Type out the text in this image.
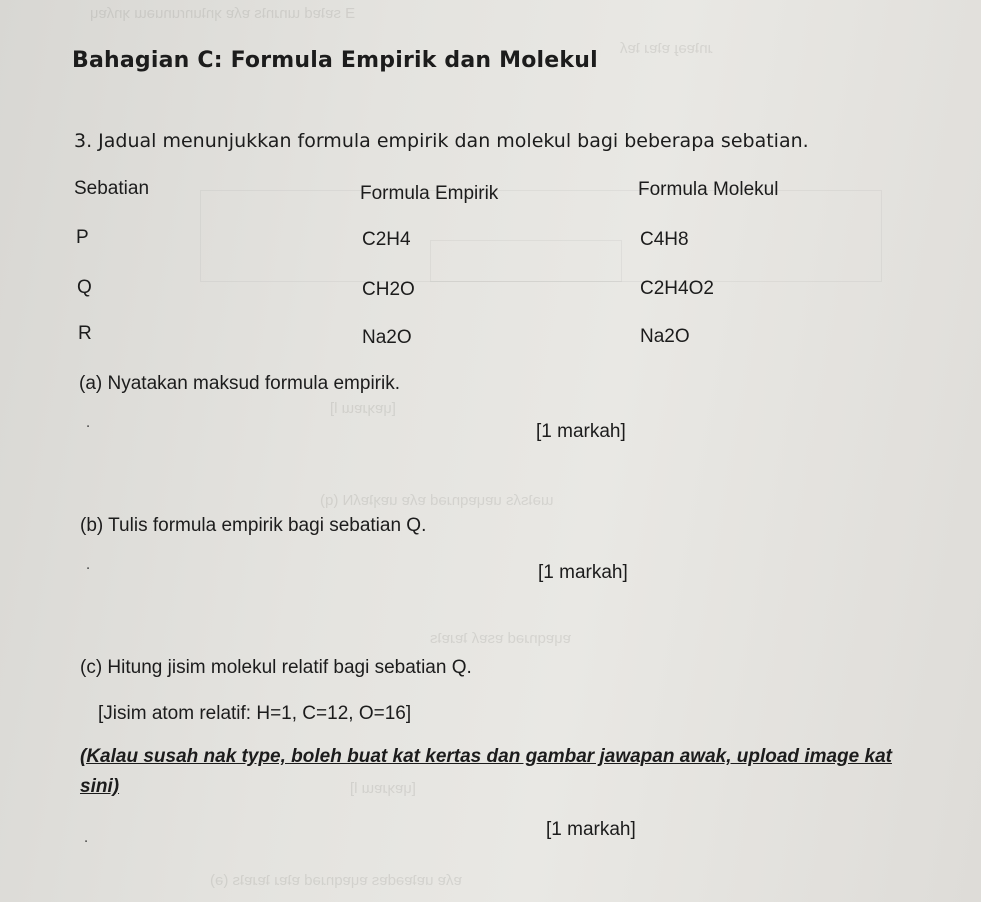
Ǝ sɐʇɐd ɯnɹnʇs ɐʎɐ ʞnʇunɾunuǝɯ ʞnʎɐɥ
ɹnʇɐǝɟ ɐʇɐɹ ʇɐʎ
[ɥɐʞɹɐɯ Ɩ]
ɯǝʇsʎs uɐɥɐqnɹǝd ɐʎɐ uɐʞʇɐʎN (q)
ɐɥɐqnɹǝd ɐsɐʎ ʇɐɹɐʇs
[ɥɐʞɹɐɯ Ɩ]
ɐʎɐ uɐʇɐǝdɐs ɐɥɐqnɹǝd ɐʇɐɹ ʇɐɹɐʇs (ǝ)
Bahagian C: Formula Empirik dan Molekul
3. Jadual menunjukkan formula empirik dan molekul bagi beberapa sebatian.
Sebatian	Formula Empirik	Formula Molekul
P	C2H4	C4H8
Q	CH2O	C2H4O2
R	Na2O	Na2O
(a) Nyatakan maksud formula empirik.
·	[1 markah]
(b) Tulis formula empirik bagi sebatian Q.
·	[1 markah]
(c) Hitung jisim molekul relatif bagi sebatian Q.
[Jisim atom relatif: H=1, C=12, O=16]
(Kalau susah nak type, boleh buat kat kertas dan gambar jawapan awak, upload image kat sini)
·
[1 markah]
